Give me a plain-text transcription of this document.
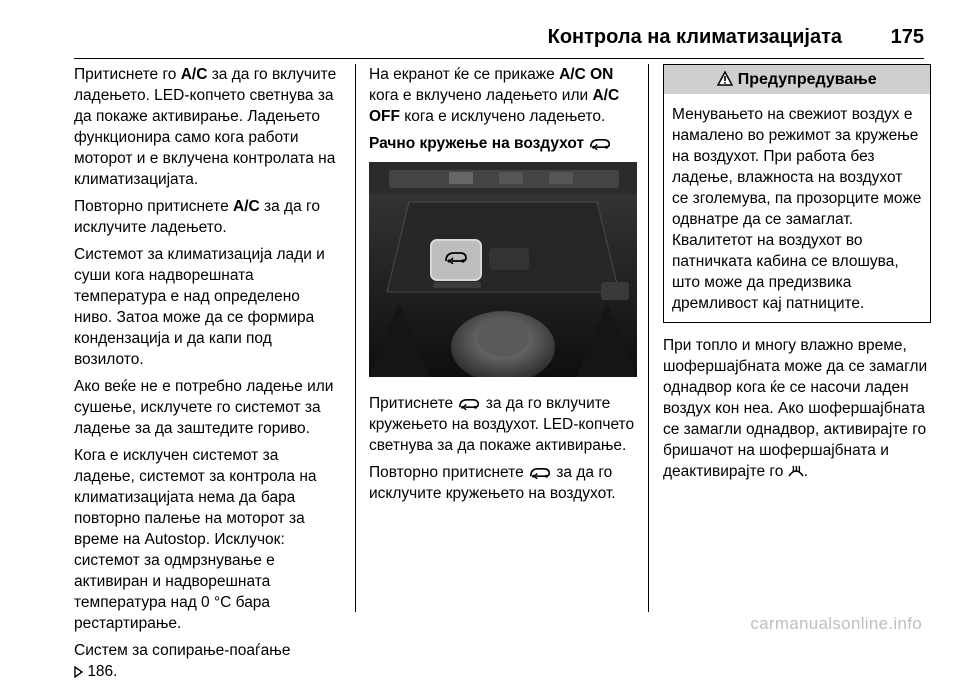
Контрола на климатизацијата 175

Притиснете го A/C за да го вклучите ладењето. LED-копчето светнува за да покаже активирање. Ладењето функционира само кога работи моторот и е вклучена контролата на климатизацијата.

Повторно притиснете A/C за да го исклучите ладењето.

Системот за климатизација лади и суши кога надворешната температура е над определено ниво. Затоа може да се формира кондензација и да капи под возилото.

Ако веќе не е потребно ладење или сушење, исклучете го системот за ладење за да заштедите гориво.

Кога е исклучен системот за ладење, системот за контрола на климатизацијата нема да бара повторно палење на моторот за време на Autostop. Исклучок: системот за одмрзнување е активиран и надворешната температура над 0 °C бара рестартирање.

Систем за сопирање-поаѓање
186.

На екранот ќе се прикаже A/C ON кога е вклучено ладењето или A/C OFF кога е исклучено ладењето.

Рачно кружење на воздухот

Притиснете  за да го вклучите кружењето на воздухот. LED-копчето светнува за да покаже активирање.

Повторно притиснете  за да го исклучите кружењето на воздухот.

Предупредување
Менувањето на свежиот воздух е намалено во режимот за кружење на воздухот. При работа без ладење, влажноста на воздухот се зголемува, па прозорците може одвнатре да се замаглат. Квалитетот на воздухот во патничката кабина се влошува, што може да предизвика дремливост кај патниците.

При топло и многу влажно време, шофершајбната може да се замагли однадвор кога ќе се насочи ладен воздух кон неа. Ако шофершајбната се замагли однадвор, активирајте го бришачот на шофершајбната и деактивирајте го .

carmanualsonline.info
